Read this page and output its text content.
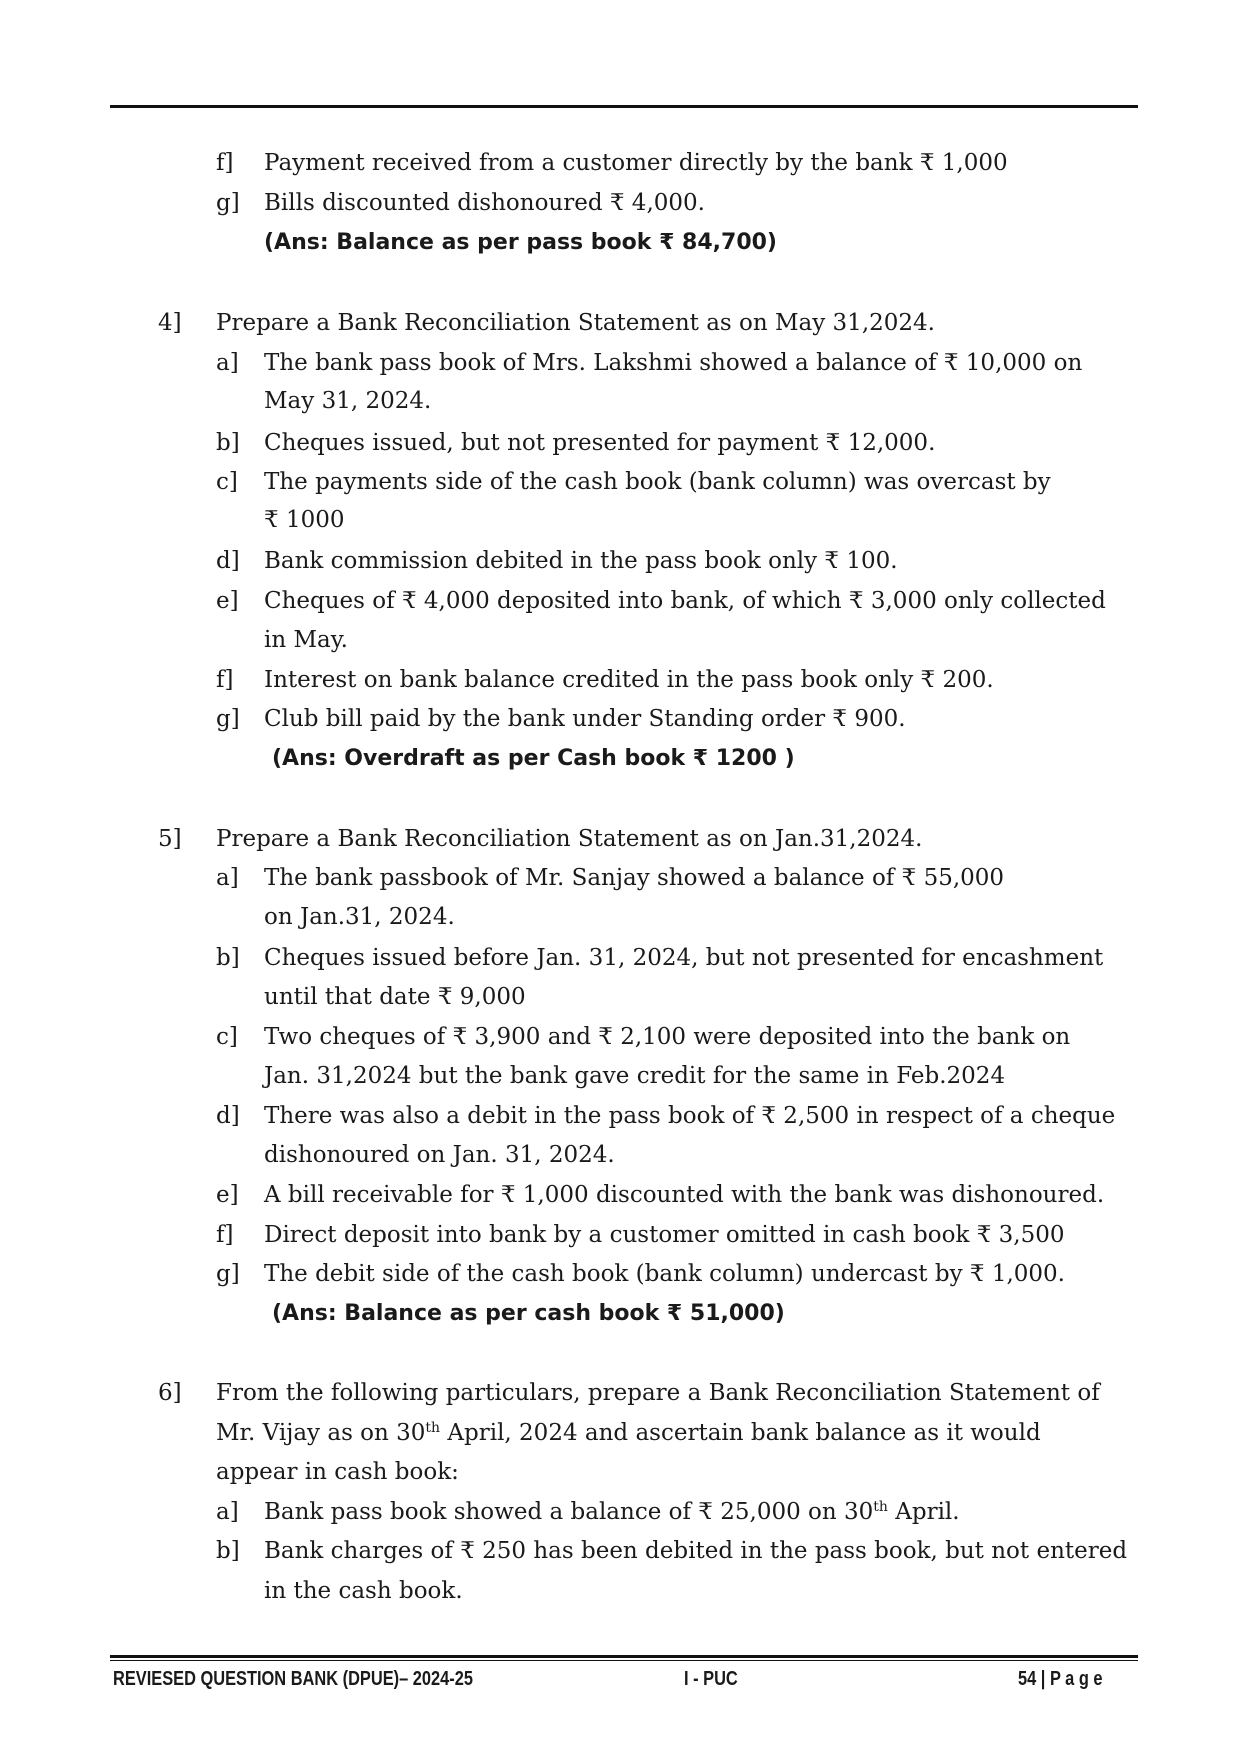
f] Payment received from a customer directly by the bank ₹ 1,000
g] Bills discounted dishonoured ₹ 4,000.
(Ans: Balance as per pass book ₹ 84,700)
4] Prepare a Bank Reconciliation Statement as on May 31,2024.
a] The bank pass book of Mrs. Lakshmi showed a balance of ₹ 10,000 on
May 31, 2024.
b] Cheques issued, but not presented for payment ₹ 12,000.
c] The payments side of the cash book (bank column) was overcast by
₹ 1000
d] Bank commission debited in the pass book only ₹ 100.
e] Cheques of ₹ 4,000 deposited into bank, of which ₹ 3,000 only collected
in May.
f] Interest on bank balance credited in the pass book only ₹ 200.
g] Club bill paid by the bank under Standing order ₹ 900.
(Ans: Overdraft as per Cash book ₹ 1200 )
5] Prepare a Bank Reconciliation Statement as on Jan.31,2024.
a] The bank passbook of Mr. Sanjay showed a balance of ₹ 55,000
on Jan.31, 2024.
b] Cheques issued before Jan. 31, 2024, but not presented for encashment
until that date ₹ 9,000
c] Two cheques of ₹ 3,900 and ₹ 2,100 were deposited into the bank on
Jan. 31,2024 but the bank gave credit for the same in Feb.2024
d] There was also a debit in the pass book of ₹ 2,500 in respect of a cheque
dishonoured on Jan. 31, 2024.
e] A bill receivable for ₹ 1,000 discounted with the bank was dishonoured.
f] Direct deposit into bank by a customer omitted in cash book ₹ 3,500
g] The debit side of the cash book (bank column) undercast by ₹ 1,000.
(Ans: Balance as per cash book ₹ 51,000)
6] From the following particulars, prepare a Bank Reconciliation Statement of
Mr. Vijay as on 30th April, 2024 and ascertain bank balance as it would
appear in cash book:
a] Bank pass book showed a balance of ₹ 25,000 on 30th April.
b] Bank charges of ₹ 250 has been debited in the pass book, but not entered
in the cash book.
REVIESED QUESTION BANK (DPUE)– 2024-25	I - PUC	54 | P a g e
